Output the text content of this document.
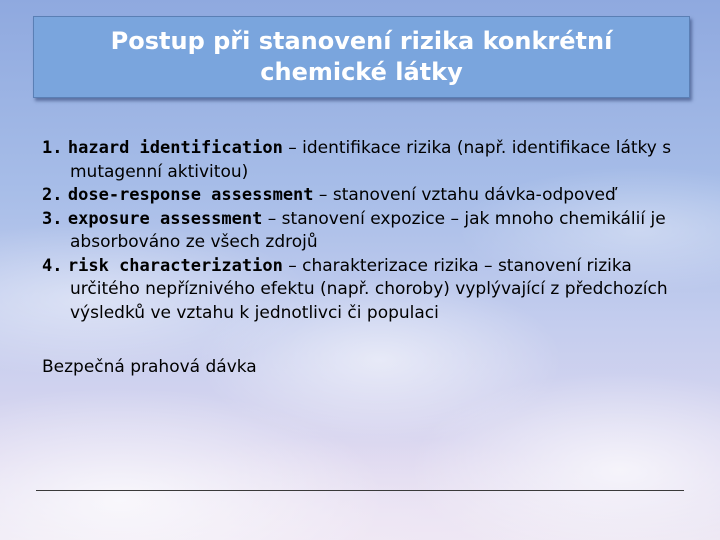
Postup při stanovení rizika konkrétní chemické látky
1. hazard identification – identifikace rizika (např. identifikace látky s mutagenní aktivitou)
2. dose-response assessment – stanovení vztahu dávka-odpoveď
3. exposure assessment – stanovení expozice – jak mnoho chemikálií je absorbováno ze všech zdrojů
4. risk characterization – charakterizace rizika – stanovení rizika určitého nepříznivého efektu (např. choroby) vyplývající z předchozích výsledků ve vztahu k jednotlivci či populaci

Bezpečná prahová dávka
